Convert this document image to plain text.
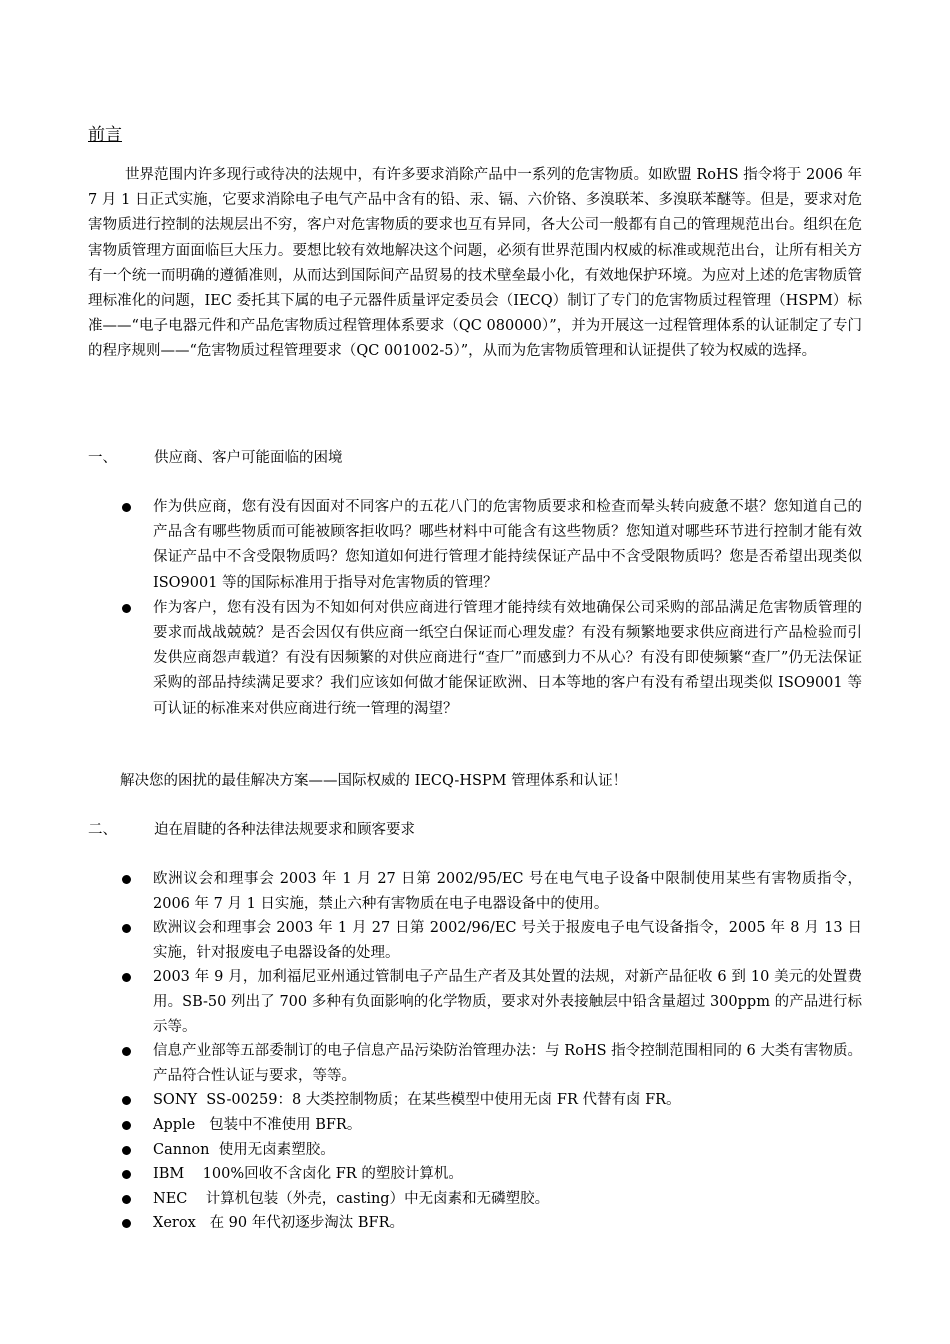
前言

世界范围内许多现行或待决的法规中，有许多要求消除产品中一系列的危害物质。如欧盟 RoHS 指令将于 2006 年 7 月 1 日正式实施，它要求消除电子电气产品中含有的铅、汞、镉、六价铬、多溴联苯、多溴联苯醚等。但是，要求对危害物质进行控制的法规层出不穷，客户对危害物质的要求也互有异同，各大公司一般都有自己的管理规范出台。组织在危害物质管理方面面临巨大压力。要想比较有效地解决这个问题，必须有世界范围内权威的标准或规范出台，让所有相关方有一个统一而明确的遵循准则，从而达到国际间产品贸易的技术壁垒最小化，有效地保护环境。为应对上述的危害物质管理标准化的问题，IEC 委托其下属的电子元器件质量评定委员会（IECQ）制订了专门的危害物质过程管理（HSPM）标准——“电子电器元件和产品危害物质过程管理体系要求（QC 080000）”，并为开展这一过程管理体系的认证制定了专门的程序规则——“危害物质过程管理要求（QC 001002-5）”，从而为危害物质管理和认证提供了较为权威的选择。

一、	供应商、客户可能面临的困境
作为供应商，您有没有因面对不同客户的五花八门的危害物质要求和检查而晕头转向疲惫不堪？您知道自己的产品含有哪些物质而可能被顾客拒收吗？哪些材料中可能含有这些物质？您知道对哪些环节进行控制才能有效保证产品中不含受限物质吗？您知道如何进行管理才能持续保证产品中不含受限物质吗？您是否希望出现类似 ISO9001 等的国际标准用于指导对危害物质的管理？
作为客户，您有没有因为不知如何对供应商进行管理才能持续有效地确保公司采购的部品满足危害物质管理的要求而战战兢兢？是否会因仅有供应商一纸空白保证而心理发虚？有没有频繁地要求供应商进行产品检验而引发供应商怨声载道？有没有因频繁的对供应商进行“查厂”而感到力不从心？有没有即使频繁“查厂”仍无法保证采购的部品持续满足要求？我们应该如何做才能保证欧洲、日本等地的客户有没有希望出现类似 ISO9001 等可认证的标准来对供应商进行统一管理的渴望？
解决您的困扰的最佳解决方案——国际权威的 IECQ-HSPM 管理体系和认证！
二、	迫在眉睫的各种法律法规要求和顾客要求
欧洲议会和理事会 2003 年 1 月 27 日第 2002/95/EC 号在电气电子设备中限制使用某些有害物质指令，2006 年 7 月 1 日实施，禁止六种有害物质在电子电器设备中的使用。
欧洲议会和理事会 2003 年 1 月 27 日第 2002/96/EC 号关于报废电子电气设备指令，2005 年 8 月 13 日实施，针对报废电子电器设备的处理。
2003 年 9 月，加利福尼亚州通过管制电子产品生产者及其处置的法规，对新产品征收 6 到 10 美元的处置费用。SB-50 列出了 700 多种有负面影响的化学物质，要求对外表接触层中铅含量超过 300ppm 的产品进行标示等。
信息产业部等五部委制订的电子信息产品污染防治管理办法：与 RoHS 指令控制范围相同的 6 大类有害物质。产品符合性认证与要求，等等。
SONY  SS-00259：8 大类控制物质；在某些模型中使用无卤 FR 代替有卤 FR。
Apple   包装中不准使用 BFR。
Cannon  使用无卤素塑胶。
IBM    100%回收不含卤化 FR 的塑胶计算机。
NEC    计算机包装（外壳，casting）中无卤素和无磷塑胶。
Xerox   在 90 年代初逐步淘汰 BFR。
